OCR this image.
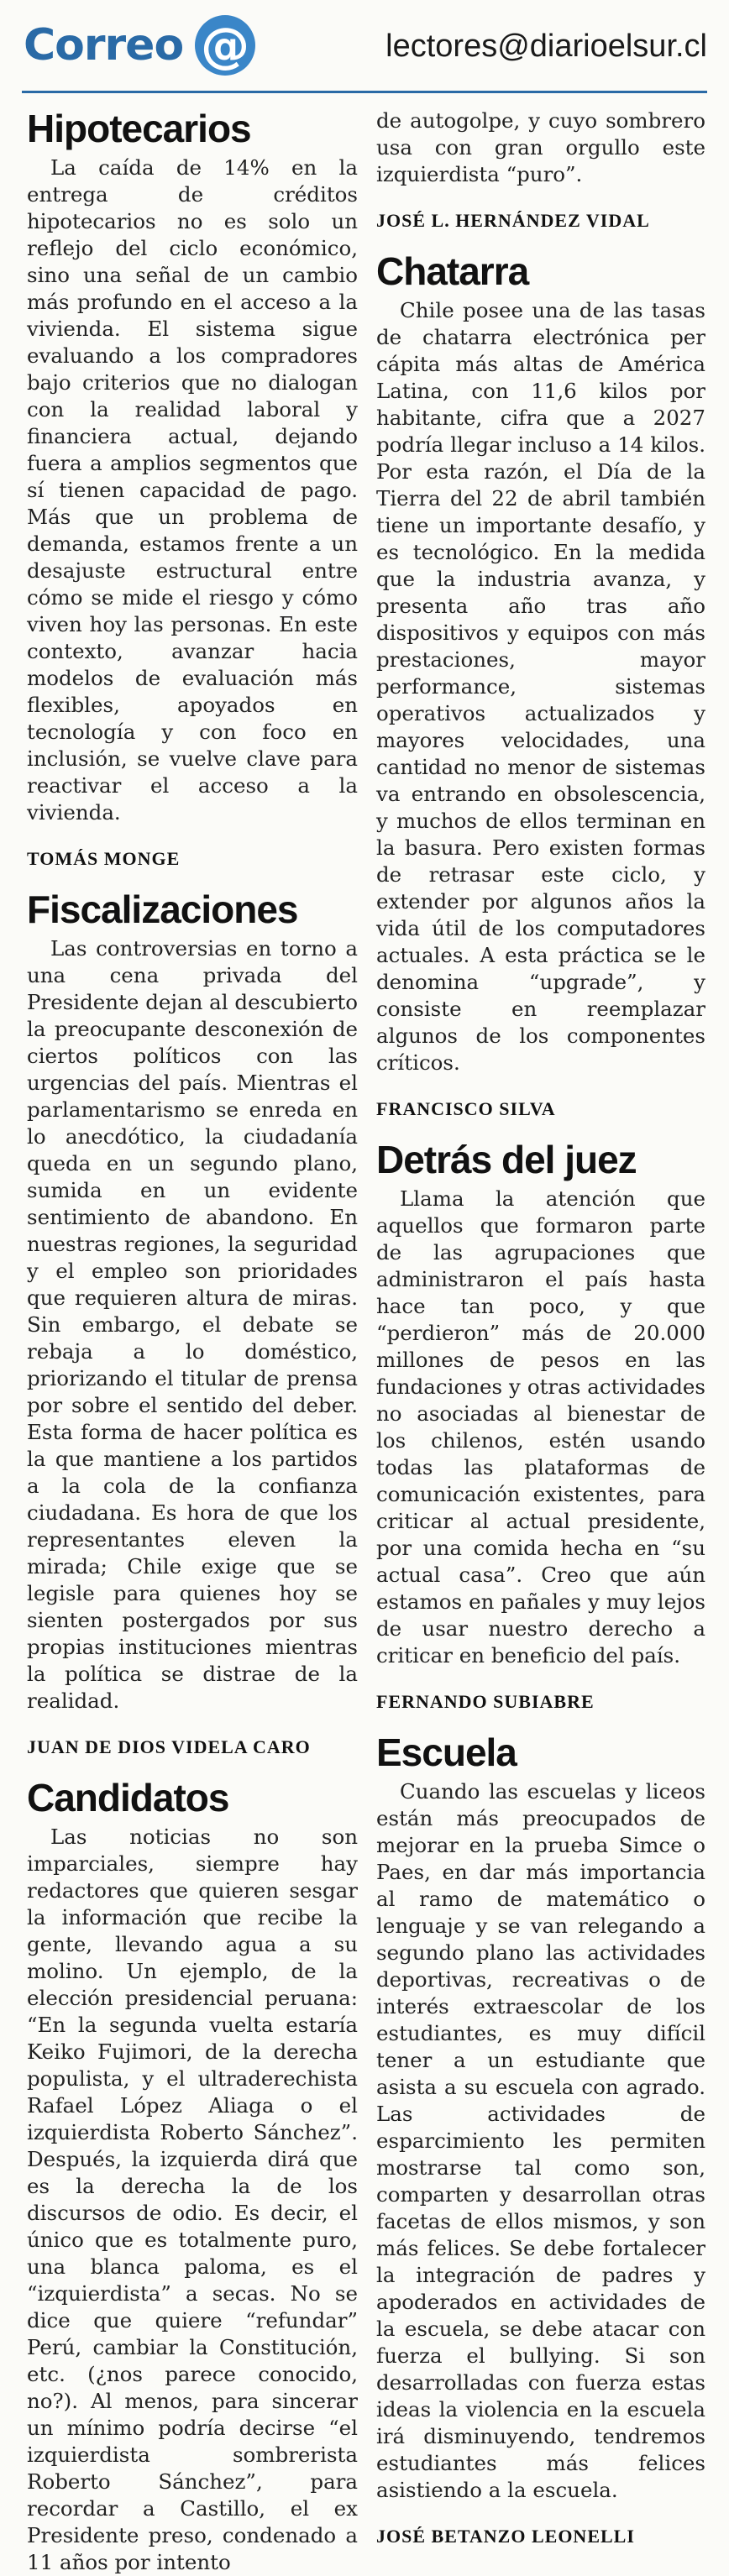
Correo @	lectores@diarioelsur.cl
Hipotecarios

La caída de 14% en la entrega de créditos hipotecarios no es solo un reflejo del ciclo económico, sino una señal de un cambio más profundo en el acceso a la vivienda. El sistema sigue evaluando a los compradores bajo criterios que no dialogan con la realidad laboral y financiera actual, dejando fuera a amplios segmentos que sí tienen capacidad de pago. Más que un problema de demanda, estamos frente a un desajuste estructural entre cómo se mide el riesgo y cómo viven hoy las personas. En este contexto, avanzar hacia modelos de evaluación más flexibles, apoyados en tecnología y con foco en inclusión, se vuelve clave para reactivar el acceso a la vivienda.

TOMÁS MONGE
Fiscalizaciones

Las controversias en torno a una cena privada del Presidente dejan al descubierto la preocupante desconexión de ciertos políticos con las urgencias del país. Mientras el parlamentarismo se enreda en lo anecdótico, la ciudadanía queda en un segundo plano, sumida en un evidente sentimiento de abandono. En nuestras regiones, la seguridad y el empleo son prioridades que requieren altura de miras. Sin embargo, el debate se rebaja a lo doméstico, priorizando el titular de prensa por sobre el sentido del deber. Esta forma de hacer política es la que mantiene a los partidos a la cola de la confianza ciudadana. Es hora de que los representantes eleven la mirada; Chile exige que se legisle para quienes hoy se sienten postergados por sus propias instituciones mientras la política se distrae de la realidad.

JUAN DE DIOS VIDELA CARO
Candidatos

Las noticias no son imparciales, siempre hay redactores que quieren sesgar la información que recibe la gente, llevando agua a su molino. Un ejemplo, de la elección presidencial peruana: “En la segunda vuelta estaría Keiko Fujimori, de la derecha populista, y el ultraderechista Rafael López Aliaga o el izquierdista Roberto Sánchez”. Después, la izquierda dirá que es la derecha la de los discursos de odio. Es decir, el único que es totalmente puro, una blanca paloma, es el “izquierdista” a secas. No se dice que quiere “refundar” Perú, cambiar la Constitución, etc. (¿nos parece conocido, no?). Al menos, para sincerar un mínimo podría decirse “el izquierdista sombrerista Roberto Sánchez”, para recordar a Castillo, el ex Presidente preso, condenado a 11 años por intento

de autogolpe, y cuyo sombrero usa con gran orgullo este izquierdista “puro”.

JOSÉ L. HERNÁNDEZ VIDAL
Chatarra

Chile posee una de las tasas de chatarra electrónica per cápita más altas de América Latina, con 11,6 kilos por habitante, cifra que a 2027 podría llegar incluso a 14 kilos. Por esta razón, el Día de la Tierra del 22 de abril también tiene un importante desafío, y es tecnológico. En la medida que la industria avanza, y presenta año tras año dispositivos y equipos con más prestaciones, mayor performance, sistemas operativos actualizados y mayores velocidades, una cantidad no menor de sistemas va entrando en obsolescencia, y muchos de ellos terminan en la basura. Pero existen formas de retrasar este ciclo, y extender por algunos años la vida útil de los computadores actuales. A esta práctica se le denomina “upgrade”, y consiste en reemplazar algunos de los componentes críticos.

FRANCISCO SILVA
Detrás del juez

Llama la atención que aquellos que formaron parte de las agrupaciones que administraron el país hasta hace tan poco, y que “perdieron” más de 20.000 millones de pesos en las fundaciones y otras actividades no asociadas al bienestar de los chilenos, estén usando todas las plataformas de comunicación existentes, para criticar al actual presidente, por una comida hecha en “su actual casa”. Creo que aún estamos en pañales y muy lejos de usar nuestro derecho a criticar en beneficio del país.

FERNANDO SUBIABRE
Escuela

Cuando las escuelas y liceos están más preocupados de mejorar en la prueba Simce o Paes, en dar más importancia al ramo de matemático o lenguaje y se van relegando a segundo plano las actividades deportivas, recreativas o de interés extraescolar de los estudiantes, es muy difícil tener a un estudiante que asista a su escuela con agrado. Las actividades de esparcimiento les permiten mostrarse tal como son, comparten y desarrollan otras facetas de ellos mismos, y son más felices. Se debe fortalecer la integración de padres y apoderados en actividades de la escuela, se debe atacar con fuerza el bullying. Si son desarrolladas con fuerza estas ideas la violencia en la escuela irá disminuyendo, tendremos estudiantes más felices asistiendo a la escuela.

JOSÉ BETANZO LEONELLI
